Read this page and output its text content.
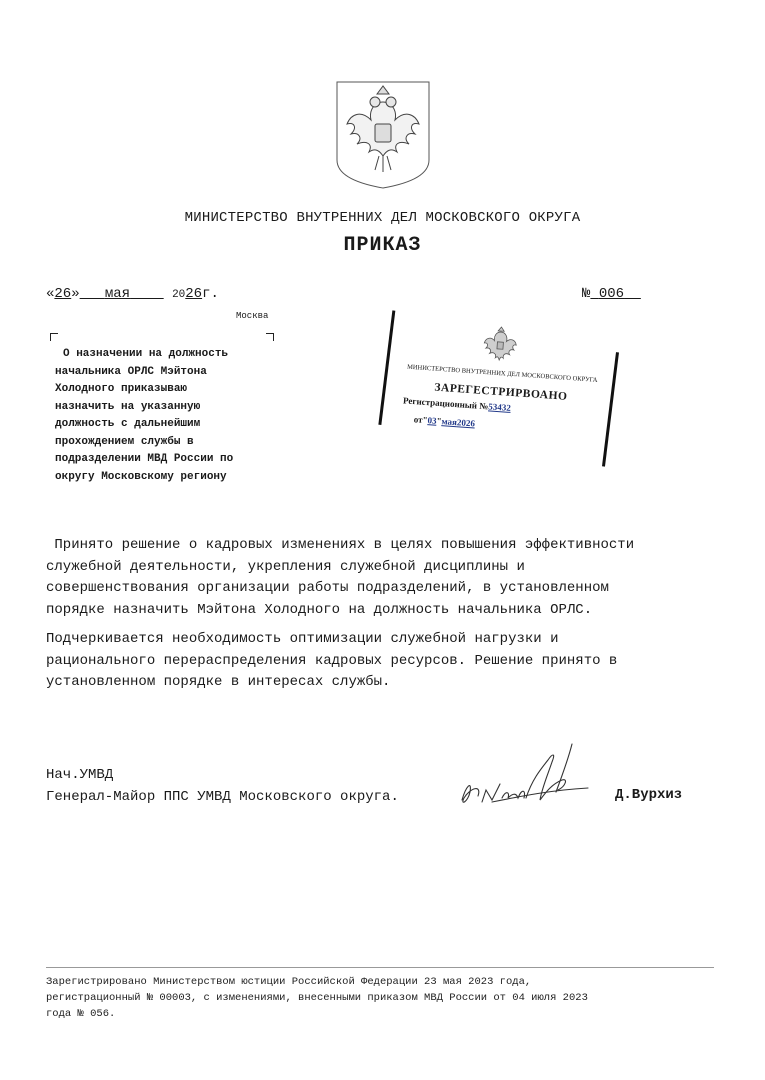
МИНИСТЕРСТВО ВНУТРЕННИХ ДЕЛ МОСКОВСКОГО ОКРУГА
ПРИКАЗ
«26» мая	2026г.	№ 006
Москва
О назначении на должность
начальника ОРЛС Мэйтона
Холодного приказываю
назначить на указанную
должность с дальнейшим
прохождением службы в
подразделении МВД России по
округу Московскому региону
МИНИСТЕРСТВО ВНУТРЕННИХ ДЕЛ МОСКОВСКОГО ОКРУГА
ЗАРЕГЕСТРИРВОАНО
Регистрационный №53432
от"03"мая2026
Принято решение о кадровых изменениях в целях повышения эффективности
служебной деятельности, укрепления служебной дисциплины и
совершенствования организации работы подразделений, в установленном
порядке назначить Мэйтона Холодного на должность начальника ОРЛС.
Подчеркивается необходимость оптимизации служебной нагрузки и
рационального перераспределения кадровых ресурсов. Решение принято в
установленном порядке в интересах службы.
Нач.УМВД
Генерал-Майор ППС УМВД Московского округа.	Д.Вурхиз
Зарегистрировано Министерством юстиции Российской Федерации 23 мая 2023 года,
регистрационный № 00003, с изменениями, внесенными приказом МВД России от 04 июля 2023
года № 056.
